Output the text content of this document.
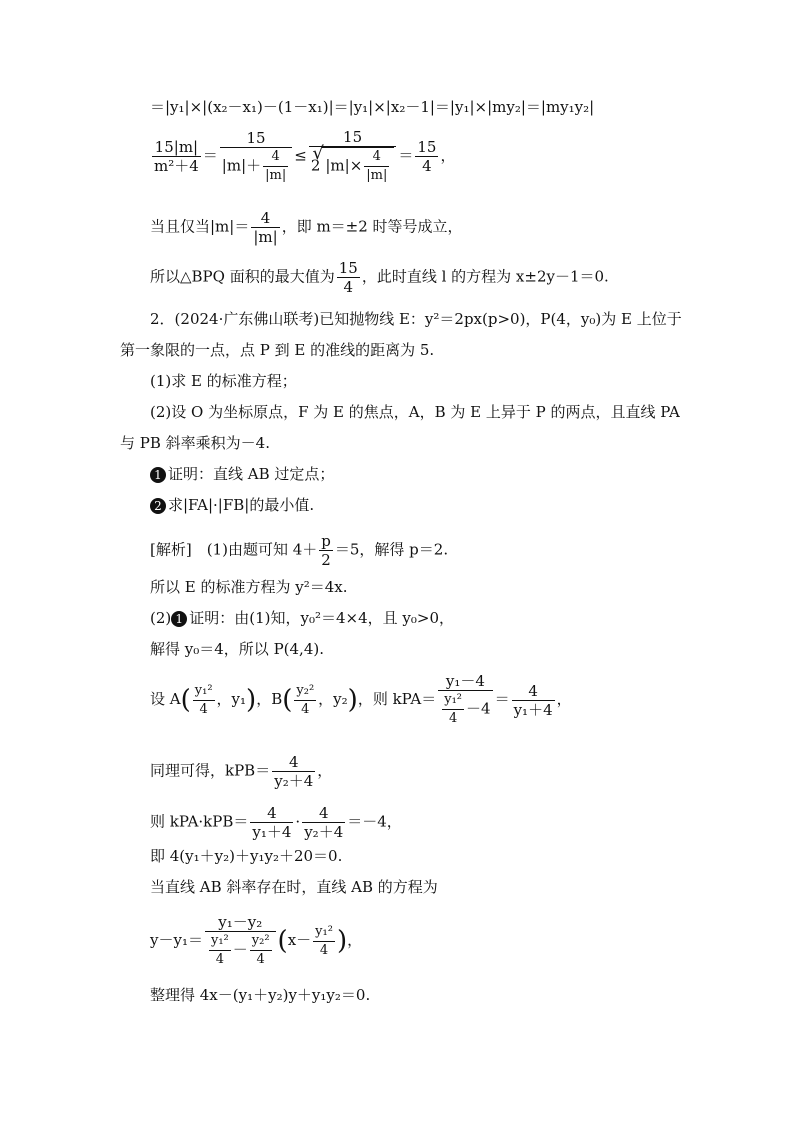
＝|y₁|×|(x₂－x₁)－(1－x₁)|＝|y₁|×|x₂－1|＝|y₁|×|my₂|＝|my₁y₂|
$\frac{15|m|}{\text{m²＋4}} = \frac{15}{|m|+ \frac{4}{|m|}} \le \frac{15}{2√ |m|\times \frac{4}{|m|}} = \frac{15}{4}$ ，
当且仅当$|m|= \frac{4}{|m|}$ ，即 m＝±2 时等号成立，
所以△BPQ 面积的最大值为 $\frac{15}{4}$ ，此时直线 l 的方程为 x±2y－1＝0.
2．(2024·广东佛山联考)已知抛物线 E：y²＝2px(p>0)，P(4，y₀)为 E 上位于
第一象限的一点，点 P 到 E 的准线的距离为 5.
(1)求 E 的标准方程；
(2)设 O 为坐标原点，F 为 E 的焦点，A，B 为 E 上异于 P 的两点，且直线 PA
与 PB 斜率乘积为－4.
1 证明：直线 AB 过定点；
2 求|FA|·|FB|的最小值.
[解析]　(1)由题可知 $4+ \frac{p}{2} =5$，解得 p＝2.
所以 E 的标准方程为 y²＝4x.
(2) 1 证明：由(1)知，y₀²＝4×4，且 y₀>0，
解得 y₀＝4，所以 P(4,4).
设 $A( \frac{\text{y₁²}}{4}$ ，y₁)，$B( \frac{\text{y₂²}}{4}$ ，y₂)，则 $kPA= \frac{\text{y₁－4}}{\frac{\text{y₁²}}{4} -4} = \frac{4}{\text{y₁＋4}}$ ，
同理可得，$kPB= \frac{4}{\text{y₂＋4}}$ ，
则 $kPA\cdot kPB= \frac{4}{\text{y₁＋4}} \cdot \frac{4}{\text{y₂＋4}} =-4$，
即 4(y₁＋y₂)＋y₁y₂＋20＝0.
当直线 AB 斜率存在时，直线 AB 的方程为
$y-y_1= \frac{\text{y₁－y₂}}{\frac{\text{y₁²}}{4} - \frac{\text{y₂²}}{4}} (x- \frac{\text{y₁²}}{4}$ )，
整理得 4x－(y₁＋y₂)y＋y₁y₂＝0.
